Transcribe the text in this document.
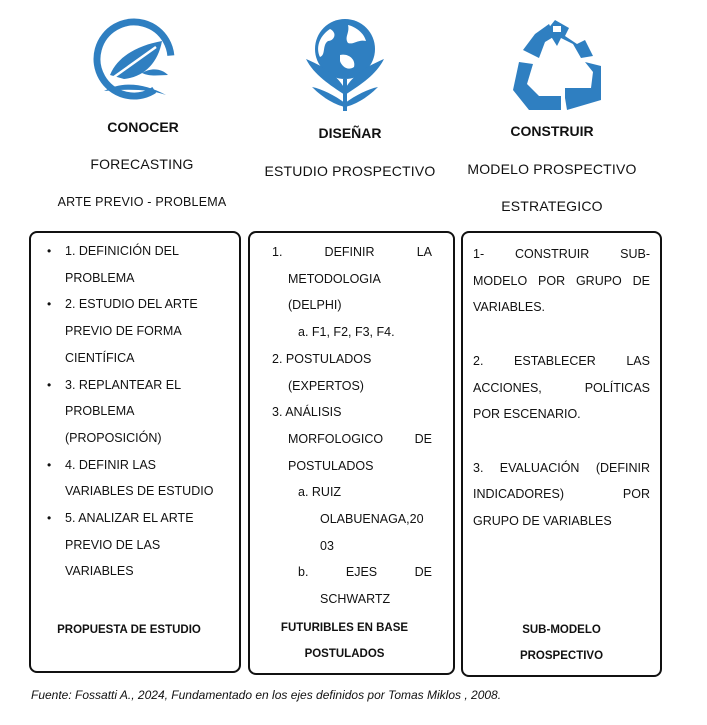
CONOCER	DISEÑAR	CONSTRUIR
FORECASTING
ARTE PREVIO - PROBLEMA
ESTUDIO PROSPECTIVO	MODELO PROSPECTIVO
ESTRATEGICO
• 1. DEFINICIÓN DEL
PROBLEMA
• 2. ESTUDIO DEL ARTE
PREVIO DE FORMA
CIENTÍFICA
• 3. REPLANTEAR EL
PROBLEMA
(PROPOSICIÓN)
• 4. DEFINIR LAS
VARIABLES DE ESTUDIO
• 5. ANALIZAR EL ARTE
PREVIO DE LAS
VARIABLES
PROPUESTA DE ESTUDIO
1. DEFINIR	LA
METODOLOGIA
(DELPHI)
a. F1, F2, F3, F4.
2. POSTULADOS
(EXPERTOS)
3. ANÁLISIS
MORFOLOGICO	DE
POSTULADOS
a. RUIZ
OLABUENAGA,20
03
b. EJES	DE
SCHWARTZ
FUTURIBLES EN BASE
POSTULADOS
1- CONSTRUIR SUB-
MODELO POR GRUPO DE
VARIABLES.
2. ESTABLECER LAS
ACCIONES,	POLÍTICAS
POR ESCENARIO.
3. EVALUACIÓN (DEFINIR
INDICADORES)	POR
GRUPO DE VARIABLES
SUB-MODELO
PROSPECTIVO
Fuente: Fossatti A., 2024, Fundamentado en los ejes definidos por Tomas Miklos , 2008.
